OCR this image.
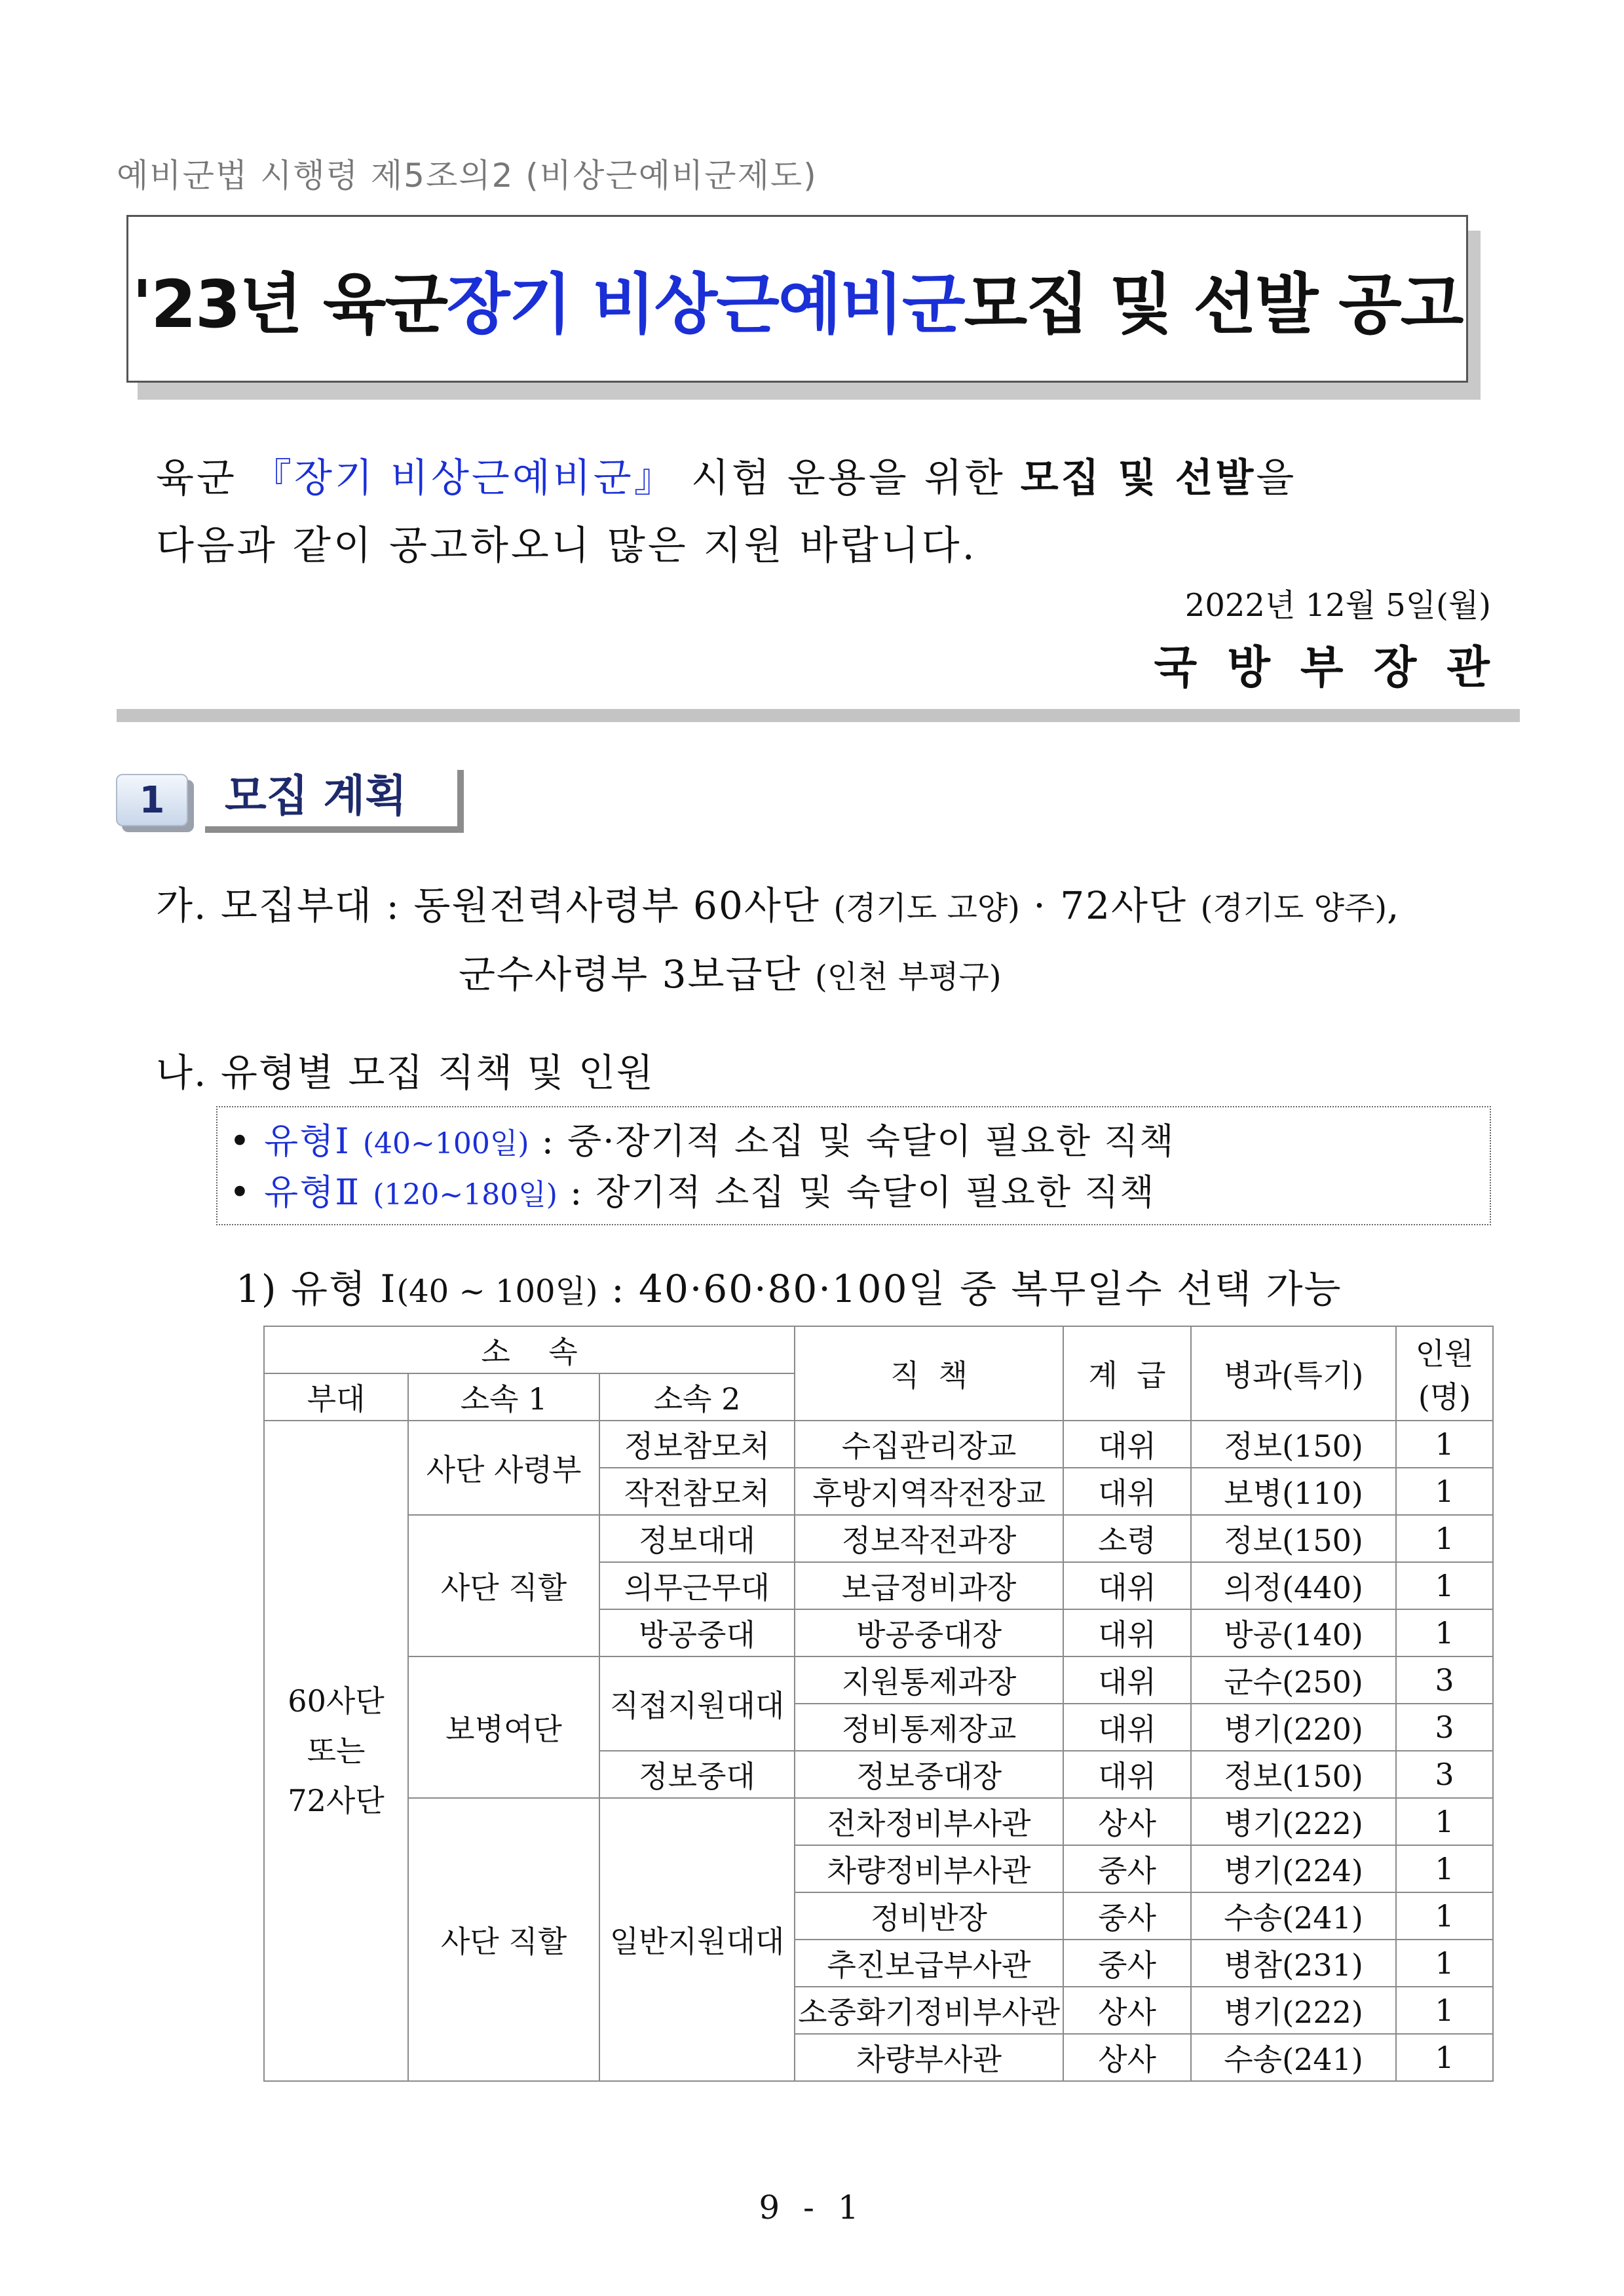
예비군법 시행령 제5조의2 (비상근예비군제도)
'23년 육군 장기 비상근예비군 모집 및 선발 공고
육군 『장기 비상근예비군』 시험 운용을 위한 모집 및 선발을
다음과 같이 공고하오니 많은 지원 바랍니다.
2022년 12월 5일(월)
국방부장관
1	모집 계획
가. 모집부대 : 동원전력사령부 60사단 (경기도 고양) · 72사단 (경기도 양주),
군수사령부 3보급단 (인천 부평구)
나. 유형별 모집 직책 및 인원
• 유형Ⅰ (40~100일) : 중·장기적 소집 및 숙달이 필요한 직책
• 유형Ⅱ (120~180일) : 장기적 소집 및 숙달이 필요한 직책
1) 유형 Ⅰ(40 ~ 100일) : 40·60·80·100일 중 복무일수 선택 가능
소    속			직  책	계  급	병과(특기)	인원
(명)

부대	소속 1	소속 2				

60사단
또는
72사단	사단 사령부	정보참모처	수집관리장교	대위	정보(150)	1
		작전참모처	후방지역작전장교	대위	보병(110)	1
	사단 직할	정보대대	정보작전과장	소령	정보(150)	1
		의무근무대	보급정비과장	대위	의정(440)	1
		방공중대	방공중대장	대위	방공(140)	1
	보병여단	직접지원대대	지원통제과장	대위	군수(250)	3
			정비통제장교	대위	병기(220)	3
		정보중대	정보중대장	대위	정보(150)	3
	사단 직할	일반지원대대	전차정비부사관	상사	병기(222)	1
			차량정비부사관	중사	병기(224)	1
			정비반장	중사	수송(241)	1
			추진보급부사관	중사	병참(231)	1
			소중화기정비부사관	상사	병기(222)	1
			차량부사관	상사	수송(241)	1
9 - 1
